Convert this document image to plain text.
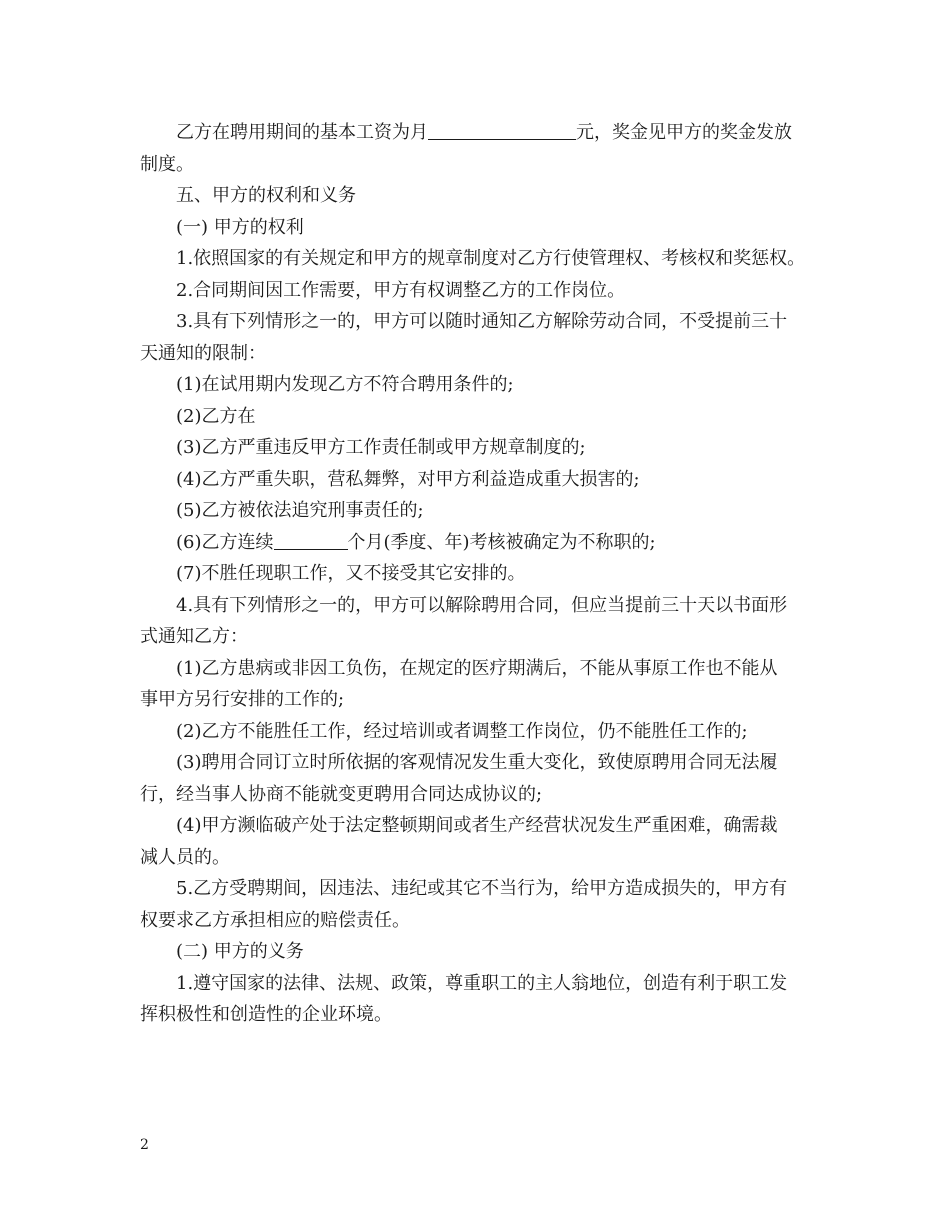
乙方在聘用期间的基本工资为月	元，奖金见甲方的奖金发放

制度。

五、甲方的权利和义务

(一) 甲方的权利

1.依照国家的有关规定和甲方的规章制度对乙方行使管理权、考核权和奖惩权。

2.合同期间因工作需要，甲方有权调整乙方的工作岗位。

3.具有下列情形之一的，甲方可以随时通知乙方解除劳动合同，不受提前三十

天通知的限制：

(1)在试用期内发现乙方不符合聘用条件的;

(2)乙方在

(3)乙方严重违反甲方工作责任制或甲方规章制度的;

(4)乙方严重失职，营私舞弊，对甲方利益造成重大损害的;

(5)乙方被依法追究刑事责任的;

(6)乙方连续	个月(季度、年)考核被确定为不称职的;

(7)不胜任现职工作，又不接受其它安排的。

4.具有下列情形之一的，甲方可以解除聘用合同，但应当提前三十天以书面形

式通知乙方：

(1)乙方患病或非因工负伤，在规定的医疗期满后，不能从事原工作也不能从

事甲方另行安排的工作的;

(2)乙方不能胜任工作，经过培训或者调整工作岗位，仍不能胜任工作的;

(3)聘用合同订立时所依据的客观情况发生重大变化，致使原聘用合同无法履

行，经当事人协商不能就变更聘用合同达成协议的;

(4)甲方濒临破产处于法定整顿期间或者生产经营状况发生严重困难，确需裁

减人员的。

5.乙方受聘期间，因违法、违纪或其它不当行为，给甲方造成损失的，甲方有

权要求乙方承担相应的赔偿责任。

(二) 甲方的义务

1.遵守国家的法律、法规、政策，尊重职工的主人翁地位，创造有利于职工发

挥积极性和创造性的企业环境。

2
